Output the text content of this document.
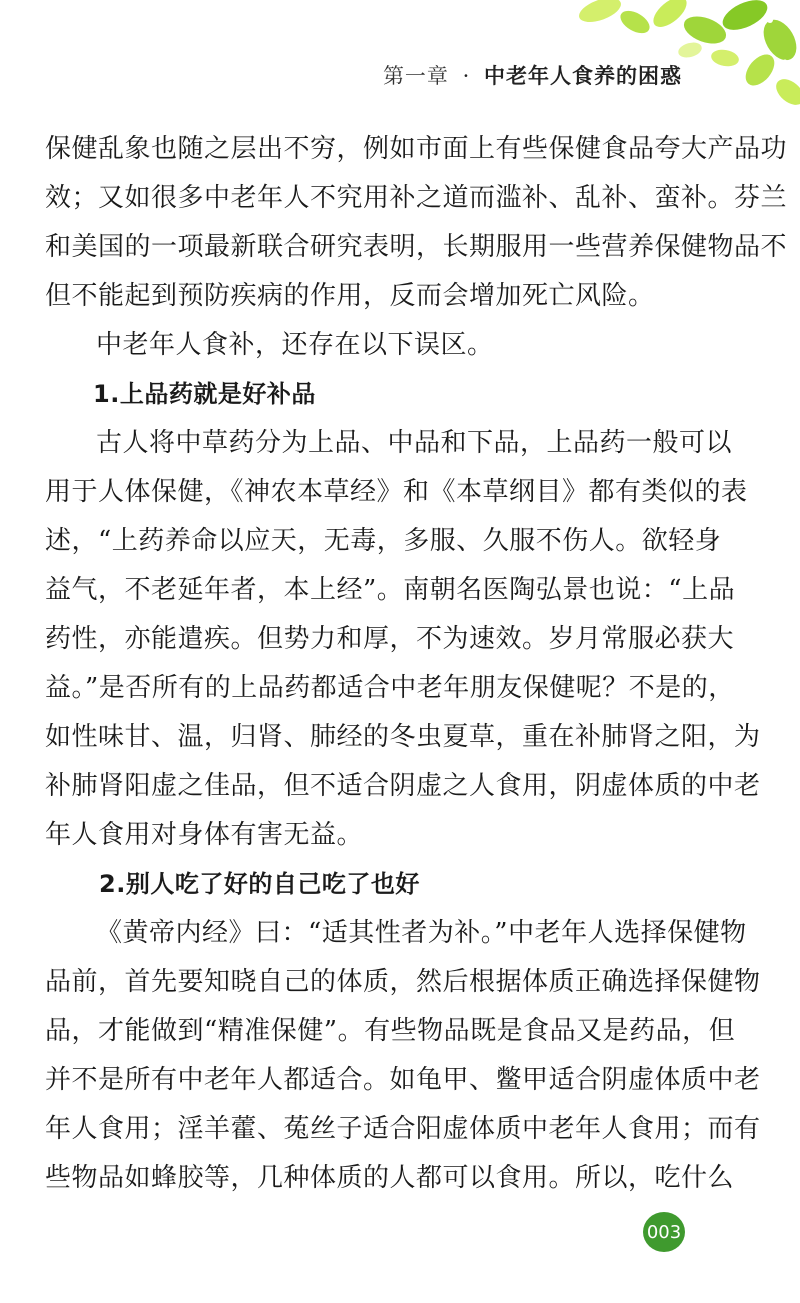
第一章 · 中老年人食养的困惑
保健乱象也随之层出不穷，例如市面上有些保健食品夸大产品功
效；又如很多中老年人不究用补之道而滥补、乱补、蛮补。芬兰
和美国的一项最新联合研究表明，长期服用一些营养保健物品不
但不能起到预防疾病的作用，反而会增加死亡风险。
中老年人食补，还存在以下误区。
1.上品药就是好补品
古人将中草药分为上品、中品和下品，上品药一般可以
用于人体保健，《神农本草经》和《本草纲目》都有类似的表
述，“上药养命以应天，无毒，多服、久服不伤人。欲轻身
益气，不老延年者，本上经”。南朝名医陶弘景也说：“上品
药性，亦能遣疾。但势力和厚，不为速效。岁月常服必获大
益。”是否所有的上品药都适合中老年朋友保健呢？不是的，
如性味甘、温，归肾、肺经的冬虫夏草，重在补肺肾之阳，为
补肺肾阳虚之佳品，但不适合阴虚之人食用，阴虚体质的中老
年人食用对身体有害无益。
2.别人吃了好的自己吃了也好
《黄帝内经》曰：“适其性者为补。”中老年人选择保健物
品前，首先要知晓自己的体质，然后根据体质正确选择保健物
品，才能做到“精准保健”。有些物品既是食品又是药品，但
并不是所有中老年人都适合。如龟甲、鳖甲适合阴虚体质中老
年人食用；淫羊藿、菟丝子适合阳虚体质中老年人食用；而有
些物品如蜂胶等，几种体质的人都可以食用。所以，吃什么
003
